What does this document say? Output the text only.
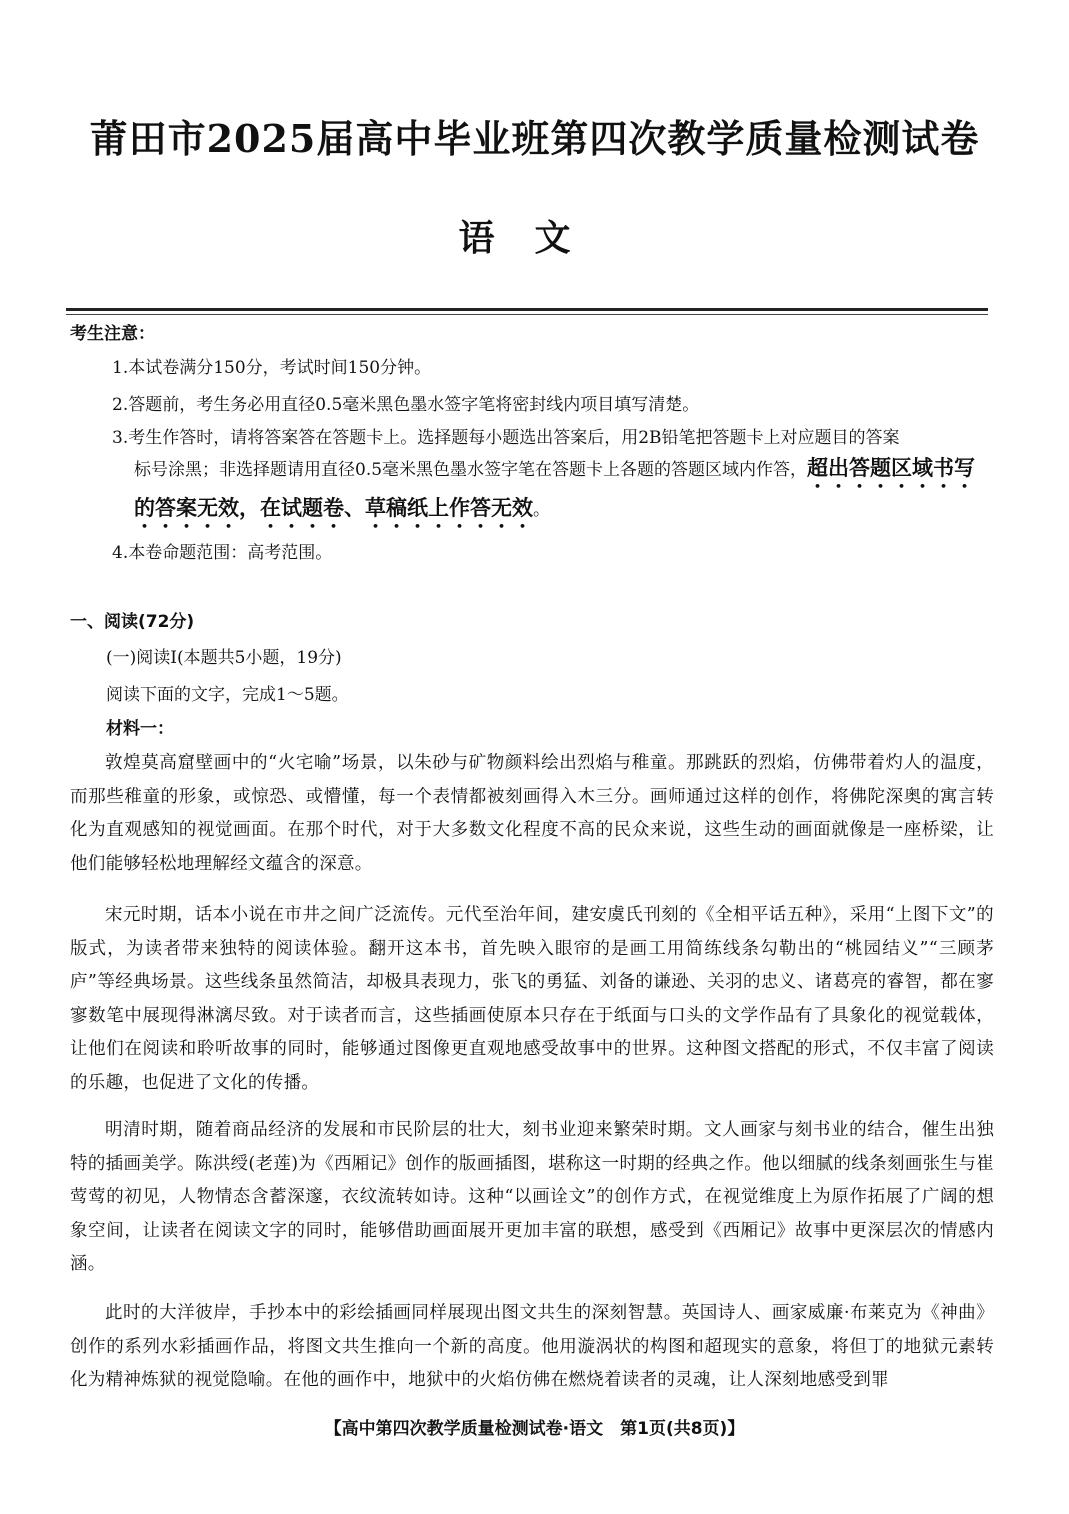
莆田市2025届高中毕业班第四次教学质量检测试卷
语文
考生注意：
1.本试卷满分150分，考试时间150分钟。
2.答题前，考生务必用直径0.5毫米黑色墨水签字笔将密封线内项目填写清楚。
3.考生作答时，请将答案答在答题卡上。选择题每小题选出答案后，用2B铅笔把答题卡上对应题目的答案
标号涂黑；非选择题请用直径0.5毫米黑色墨水签字笔在答题卡上各题的答题区域内作答，超出答题区域书写的答案无效，在试题卷、草稿纸上作答无效。
4.本卷命题范围：高考范围。
一、阅读(72分)
(一)阅读Ⅰ(本题共5小题，19分)
阅读下面的文字，完成1～5题。
材料一：
敦煌莫高窟壁画中的“火宅喻”场景，以朱砂与矿物颜料绘出烈焰与稚童。那跳跃的烈焰，仿佛带着灼人的温度，而那些稚童的形象，或惊恐、或懵懂，每一个表情都被刻画得入木三分。画师通过这样的创作，将佛陀深奥的寓言转化为直观感知的视觉画面。在那个时代，对于大多数文化程度不高的民众来说，这些生动的画面就像是一座桥梁，让他们能够轻松地理解经文蕴含的深意。
宋元时期，话本小说在市井之间广泛流传。元代至治年间，建安虞氏刊刻的《全相平话五种》，采用“上图下文”的版式，为读者带来独特的阅读体验。翻开这本书，首先映入眼帘的是画工用简练线条勾勒出的“桃园结义”“三顾茅庐”等经典场景。这些线条虽然简洁，却极具表现力，张飞的勇猛、刘备的谦逊、关羽的忠义、诸葛亮的睿智，都在寥寥数笔中展现得淋漓尽致。对于读者而言，这些插画使原本只存在于纸面与口头的文学作品有了具象化的视觉载体，让他们在阅读和聆听故事的同时，能够通过图像更直观地感受故事中的世界。这种图文搭配的形式，不仅丰富了阅读的乐趣，也促进了文化的传播。
明清时期，随着商品经济的发展和市民阶层的壮大，刻书业迎来繁荣时期。文人画家与刻书业的结合，催生出独特的插画美学。陈洪绶(老莲)为《西厢记》创作的版画插图，堪称这一时期的经典之作。他以细腻的线条刻画张生与崔莺莺的初见，人物情态含蓄深邃，衣纹流转如诗。这种“以画诠文”的创作方式，在视觉维度上为原作拓展了广阔的想象空间，让读者在阅读文字的同时，能够借助画面展开更加丰富的联想，感受到《西厢记》故事中更深层次的情感内涵。
此时的大洋彼岸，手抄本中的彩绘插画同样展现出图文共生的深刻智慧。英国诗人、画家威廉·布莱克为《神曲》创作的系列水彩插画作品，将图文共生推向一个新的高度。他用漩涡状的构图和超现实的意象，将但丁的地狱元素转化为精神炼狱的视觉隐喻。在他的画作中，地狱中的火焰仿佛在燃烧着读者的灵魂，让人深刻地感受到罪
【高中第四次教学质量检测试卷·语文　第1页(共8页)】
